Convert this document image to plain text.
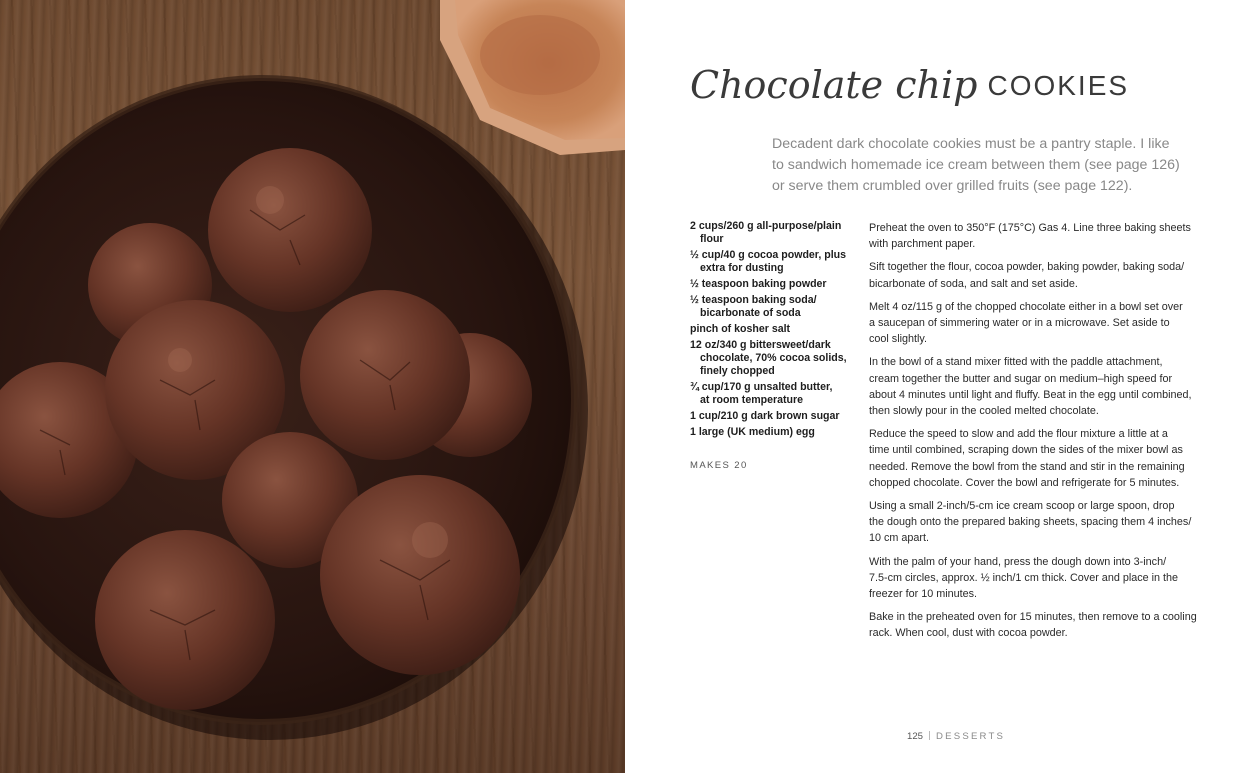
Chocolate chip COOKIES
Decadent dark chocolate cookies must be a pantry staple. I like
to sandwich homemade ice cream between them (see page 126)
or serve them crumbled over grilled fruits (see page 122).
2 cups/260 g all-purpose/plain
flour
½ cup/40 g cocoa powder, plus
extra for dusting
½ teaspoon baking powder
½ teaspoon baking soda/
bicarbonate of soda
pinch of kosher salt
12 oz/340 g bittersweet/dark
chocolate, 70% cocoa solids,
finely chopped
¾ cup/170 g unsalted butter,
at room temperature
1 cup/210 g dark brown sugar
1 large (UK medium) egg
MAKES 20
Preheat the oven to 350°F (175°C) Gas 4. Line three baking sheets
with parchment paper.
Sift together the flour, cocoa powder, baking powder, baking soda/
bicarbonate of soda, and salt and set aside.
Melt 4 oz/115 g of the chopped chocolate either in a bowl set over
a saucepan of simmering water or in a microwave. Set aside to
cool slightly.
In the bowl of a stand mixer fitted with the paddle attachment,
cream together the butter and sugar on medium–high speed for
about 4 minutes until light and fluffy. Beat in the egg until combined,
then slowly pour in the cooled melted chocolate.
Reduce the speed to slow and add the flour mixture a little at a
time until combined, scraping down the sides of the mixer bowl as
needed. Remove the bowl from the stand and stir in the remaining
chopped chocolate. Cover the bowl and refrigerate for 5 minutes.
Using a small 2-inch/5-cm ice cream scoop or large spoon, drop
the dough onto the prepared baking sheets, spacing them 4 inches/
10 cm apart.
With the palm of your hand, press the dough down into 3-inch/
7.5-cm circles, approx. ½ inch/1 cm thick. Cover and place in the
freezer for 10 minutes.
Bake in the preheated oven for 15 minutes, then remove to a cooling
rack. When cool, dust with cocoa powder.
125 DESSERTS
